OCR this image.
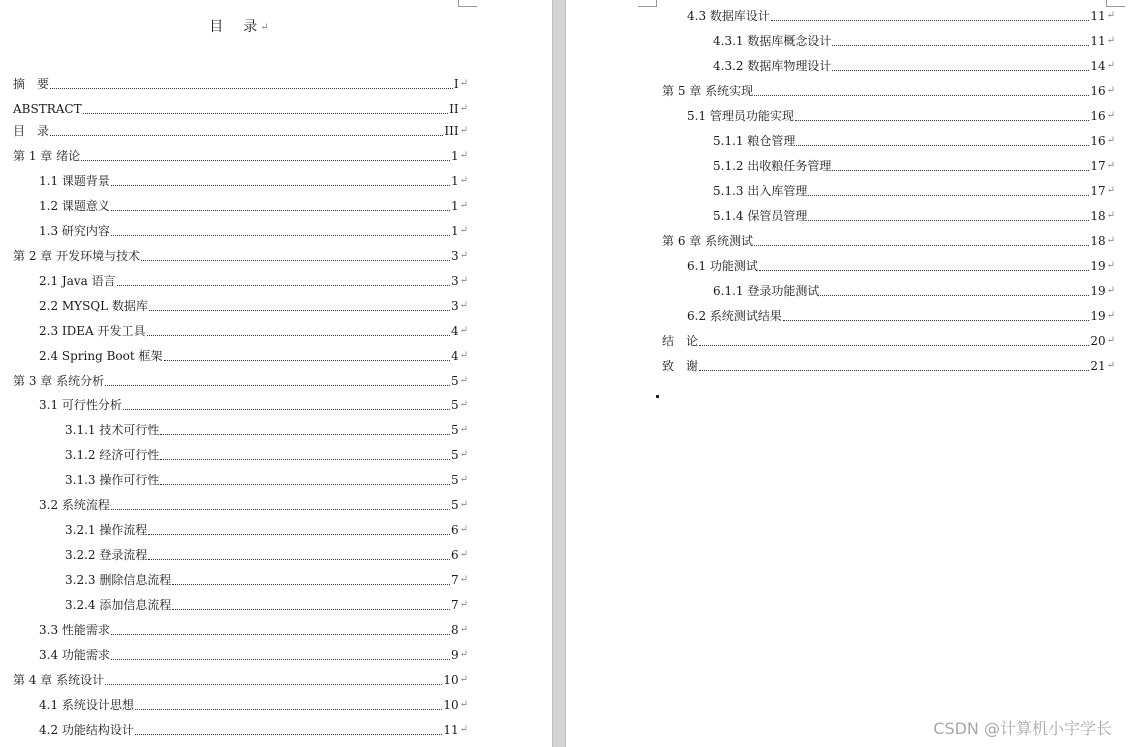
目 录↵
摘　要	I ↵
ABSTRACT	II ↵
目　录	III ↵
第 1 章 绪论	1 ↵
1.1 课题背景	1 ↵
1.2 课题意义	1 ↵
1.3 研究内容	1 ↵
第 2 章 开发环境与技术	3 ↵
2.1 Java 语言	3 ↵
2.2 MYSQL 数据库	3 ↵
2.3 IDEA 开发工具	4 ↵
2.4 Spring Boot 框架	4 ↵
第 3 章 系统分析	5 ↵
3.1 可行性分析	5 ↵
3.1.1 技术可行性	5 ↵
3.1.2 经济可行性	5 ↵
3.1.3 操作可行性	5 ↵
3.2 系统流程	5 ↵
3.2.1 操作流程	6 ↵
3.2.2 登录流程	6 ↵
3.2.3 删除信息流程	7 ↵
3.2.4 添加信息流程	7 ↵
3.3 性能需求	8 ↵
3.4 功能需求	9 ↵
第 4 章 系统设计	10 ↵
4.1 系统设计思想	10 ↵
4.2 功能结构设计	11 ↵
4.3 数据库设计	11 ↵
4.3.1 数据库概念设计	11 ↵
4.3.2 数据库物理设计	14 ↵
第 5 章 系统实现	16 ↵
5.1 管理员功能实现	16 ↵
5.1.1 粮仓管理	16 ↵
5.1.2 出收粮任务管理	17 ↵
5.1.3 出入库管理	17 ↵
5.1.4 保管员管理	18 ↵
第 6 章 系统测试	18 ↵
6.1 功能测试	19 ↵
6.1.1 登录功能测试	19 ↵
6.2 系统测试结果	19 ↵
结　论	20 ↵
致　谢	21 ↵
CSDN @计算机小宇学长
